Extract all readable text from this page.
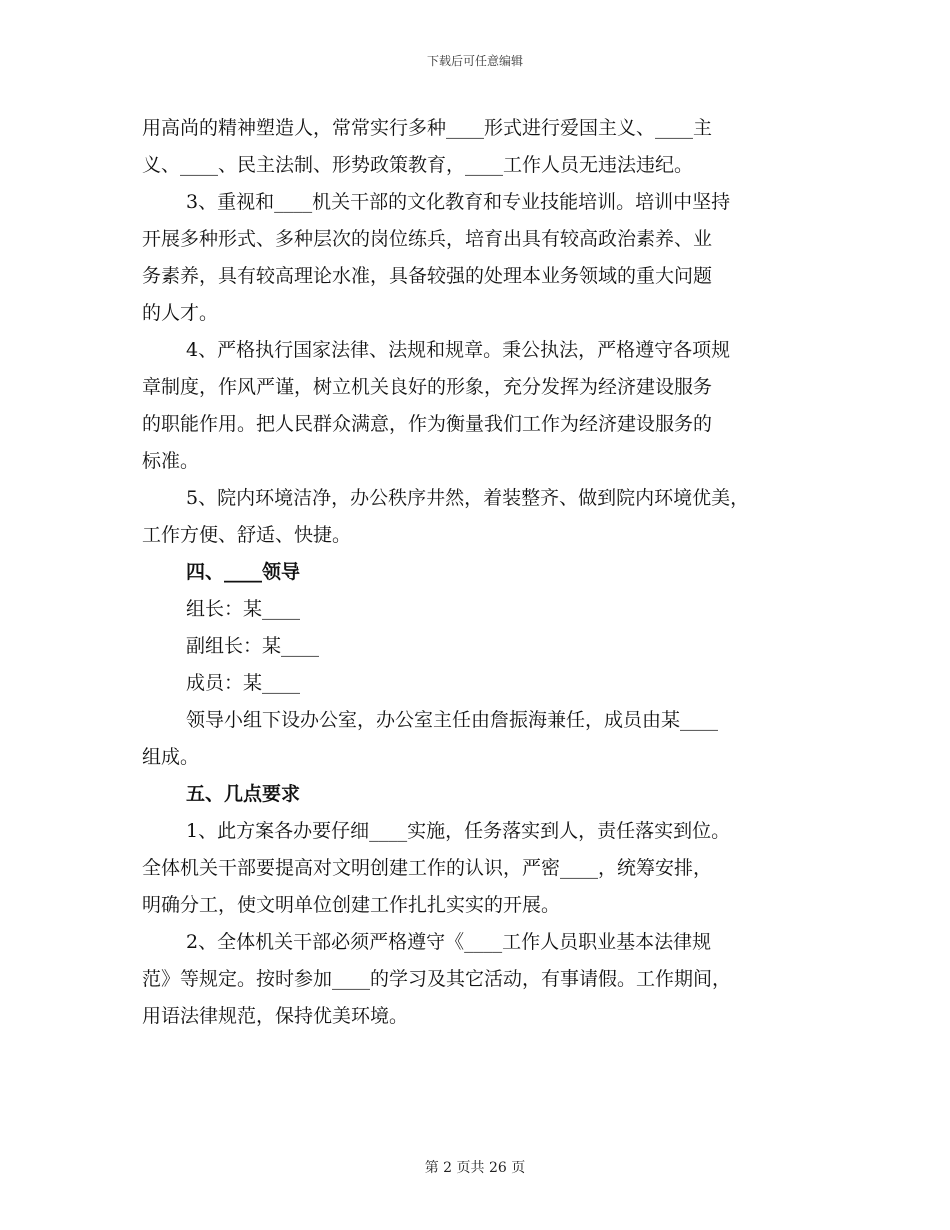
下载后可任意编辑
用高尚的精神塑造人，常常实行多种____形式进行爱国主义、____主
义、____、民主法制、形势政策教育，____工作人员无违法违纪。
3、重视和____机关干部的文化教育和专业技能培训。培训中坚持
开展多种形式、多种层次的岗位练兵，培育出具有较高政治素养、业
务素养，具有较高理论水准，具备较强的处理本业务领域的重大问题
的人才。
4、严格执行国家法律、法规和规章。秉公执法，严格遵守各项规
章制度，作风严谨，树立机关良好的形象，充分发挥为经济建设服务
的职能作用。把人民群众满意，作为衡量我们工作为经济建设服务的
标准。
5、院内环境洁净，办公秩序井然，着装整齐、做到院内环境优美，
工作方便、舒适、快捷。
四、____领导
组长：某____
副组长：某____
成员：某____
领导小组下设办公室，办公室主任由詹振海兼任，成员由某____
组成。
五、几点要求
1、此方案各办要仔细____实施，任务落实到人，责任落实到位。
全体机关干部要提高对文明创建工作的认识，严密____，统筹安排，
明确分工，使文明单位创建工作扎扎实实的开展。
2、全体机关干部必须严格遵守《____工作人员职业基本法律规
范》等规定。按时参加____的学习及其它活动，有事请假。工作期间，
用语法律规范，保持优美环境。
第 2 页共 26 页
